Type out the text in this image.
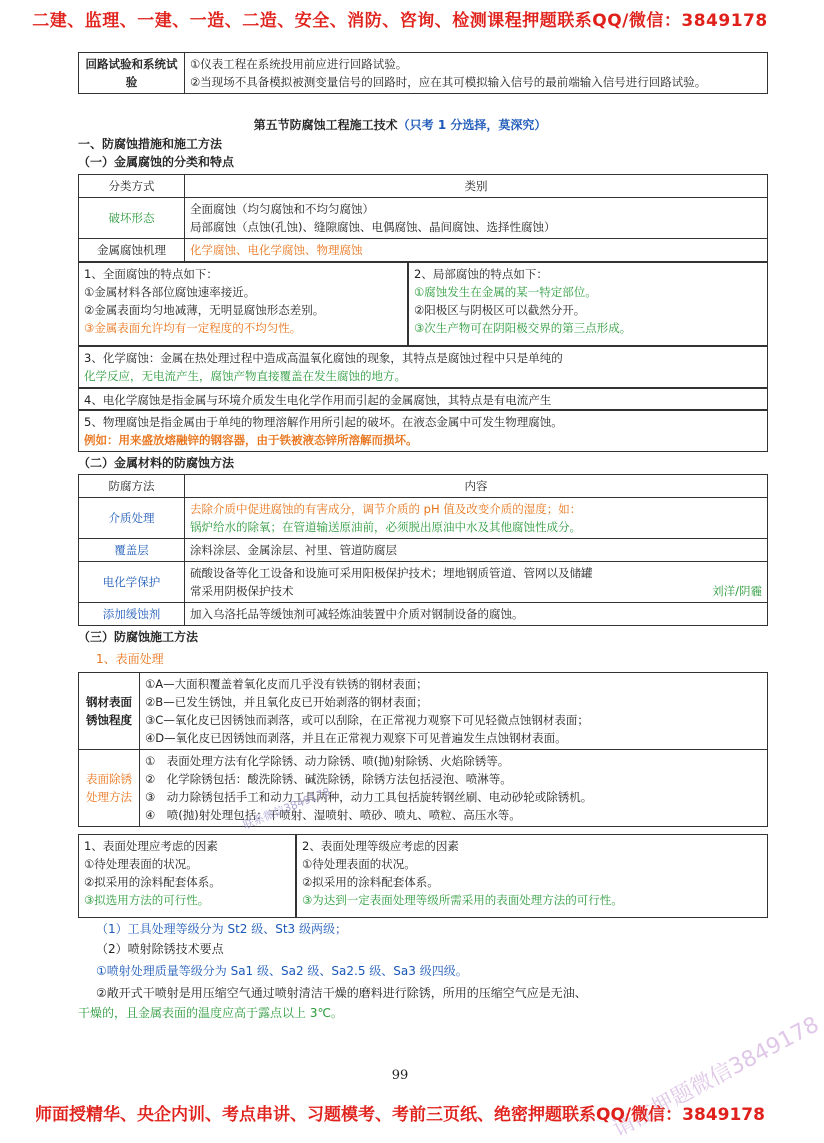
二建、监理、一建、一造、二造、安全、消防、咨询、检测课程押题联系QQ/微信：3849178
回路试验和系统试验	
①仪表工程在系统投用前应进行回路试验。
②当现场不具备模拟被测变量信号的回路时，应在其可模拟输入信号的最前端输入信号进行回路试验。
第五节防腐蚀工程施工技术（只考 1 分选择，莫深究）
一、防腐蚀措施和施工方法
（一）金属腐蚀的分类和特点
分类方式	类别
破坏形态	全面腐蚀（均匀腐蚀和不均匀腐蚀）
局部腐蚀（点蚀(孔蚀)、缝隙腐蚀、电偶腐蚀、晶间腐蚀、选择性腐蚀）

金属腐蚀机理	化学腐蚀、电化学腐蚀、物理腐蚀
1、全面腐蚀的特点如下：
①金属材料各部位腐蚀速率接近。
②金属表面均匀地减薄，无明显腐蚀形态差别。
③金属表面允许均有一定程度的不均匀性。
2、局部腐蚀的特点如下：
①腐蚀发生在金属的某一特定部位。
②阳极区与阴极区可以截然分开。
③次生产物可在阴阳极交界的第三点形成。
3、化学腐蚀：金属在热处理过程中造成高温氧化腐蚀的现象，其特点是腐蚀过程中只是单纯的
化学反应，无电流产生，腐蚀产物直接覆盖在发生腐蚀的地方。
4、电化学腐蚀是指金属与环境介质发生电化学作用而引起的金属腐蚀，其特点是有电流产生
5、物理腐蚀是指金属由于单纯的物理溶解作用所引起的破坏。在液态金属中可发生物理腐蚀。
例如：用来盛放熔融锌的钢容器，由于铁被液态锌所溶解而损坏。
（二）金属材料的防腐蚀方法
防腐方法	内容
介质处理	去除介质中促进腐蚀的有害成分，调节介质的 pH 值及改变介质的湿度；如：
锅炉给水的除氧；在管道输送原油前，必须脱出原油中水及其他腐蚀性成分。

覆盖层	涂料涂层、金属涂层、衬里、管道防腐层
电化学保护	硫酸设备等化工设备和设施可采用阳极保护技术；埋地钢质管道、管网以及储罐
常采用阴极保护技术 刘洋/阴霾

添加缓蚀剂	加入乌洛托品等缓蚀剂可减轻炼油装置中介质对钢制设备的腐蚀。
（三）防腐蚀施工方法
1、表面处理
钢材表面锈蚀程度	①A—大面积覆盖着氧化皮而几乎没有铁锈的钢材表面；
②B—已发生锈蚀，并且氧化皮已开始剥落的钢材表面；
③C—氧化皮已因锈蚀而剥落，或可以刮除，在正常视力观察下可见轻微点蚀钢材表面；
④D—氧化皮已因锈蚀而剥落，并且在正常视力观察下可见普遍发生点蚀钢材表面。

表面除锈处理方法	①　表面处理方法有化学除锈、动力除锈、喷(抛)射除锈、火焰除锈等。
②　化学除锈包括：酸洗除锈、碱洗除锈，除锈方法包括浸泡、喷淋等。
③　动力除锈包括手工和动力工具两种，动力工具包括旋转钢丝刷、电动砂轮或除锈机。
④　喷(抛)射处理包括：干喷射、湿喷射、喷砂、喷丸、喷粒、高压水等。
1、表面处理应考虑的因素
①待处理表面的状况。
②拟采用的涂料配套体系。
③拟选用方法的可行性。
2、表面处理等级应考虑的因素
①待处理表面的状况。
②拟采用的涂料配套体系。
③为达到一定表面处理等级所需采用的表面处理方法的可行性。
（1）工具处理等级分为 St2 级、St3 级两级；
（2）喷射除锈技术要点
①喷射处理质量等级分为 Sa1 级、Sa2 级、Sa2.5 级、Sa3 级四级。
②敞开式干喷射是用压缩空气通过喷射清洁干燥的磨料进行除锈，所用的压缩空气应是无油、
干燥的，且金属表面的温度应高于露点以上 3℃。
联系微信3849178
请注押题微信3849178
99
师面授精华、央企内训、考点串讲、习题模考、考前三页纸、绝密押题联系QQ/微信：3849178
